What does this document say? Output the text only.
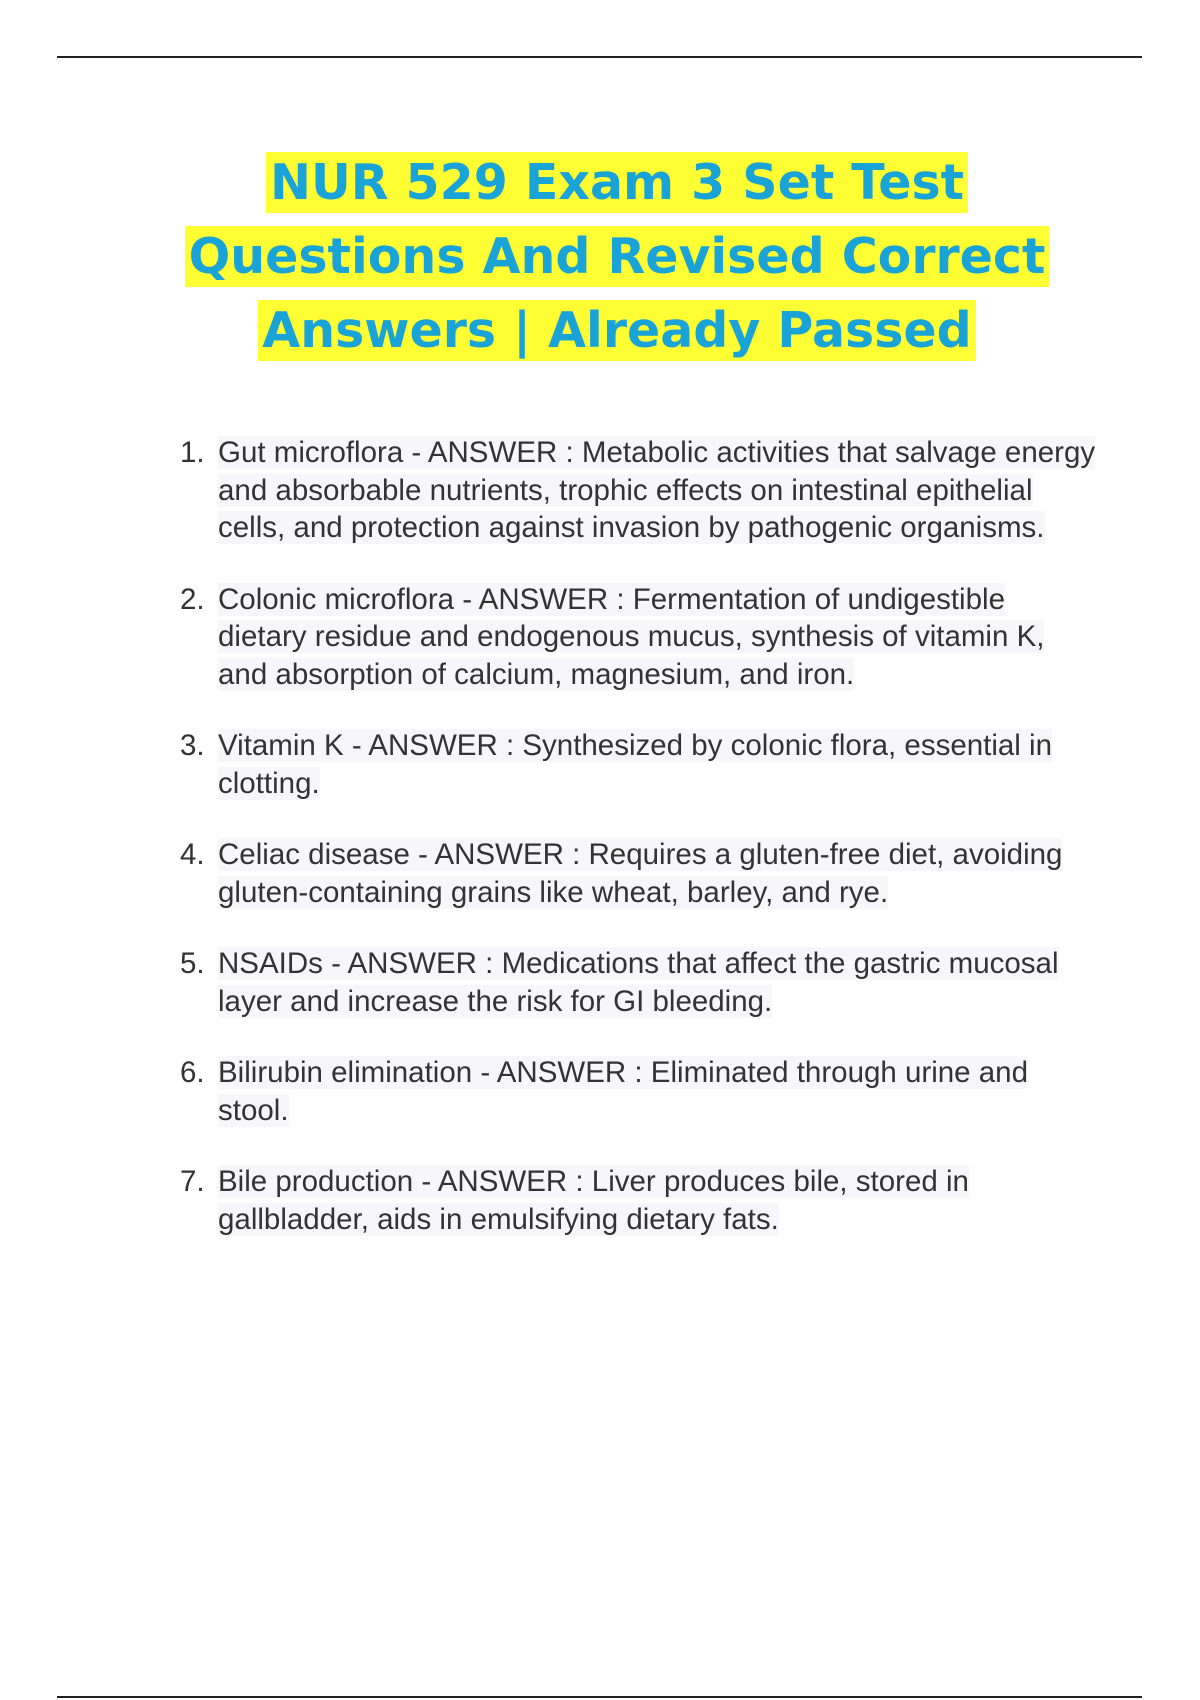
NUR 529 Exam 3 Set Test
Questions And Revised Correct
Answers | Already Passed
1. Gut microflora - ANSWER : Metabolic activities that salvage energy and absorbable nutrients, trophic effects on intestinal epithelial cells, and protection against invasion by pathogenic organisms.
2. Colonic microflora - ANSWER : Fermentation of undigestible dietary residue and endogenous mucus, synthesis of vitamin K, and absorption of calcium, magnesium, and iron.
3. Vitamin K - ANSWER : Synthesized by colonic flora, essential in clotting.
4. Celiac disease - ANSWER : Requires a gluten-free diet, avoiding gluten-containing grains like wheat, barley, and rye.
5. NSAIDs - ANSWER : Medications that affect the gastric mucosal layer and increase the risk for GI bleeding.
6. Bilirubin elimination - ANSWER : Eliminated through urine and stool.
7. Bile production - ANSWER : Liver produces bile, stored in gallbladder, aids in emulsifying dietary fats.
